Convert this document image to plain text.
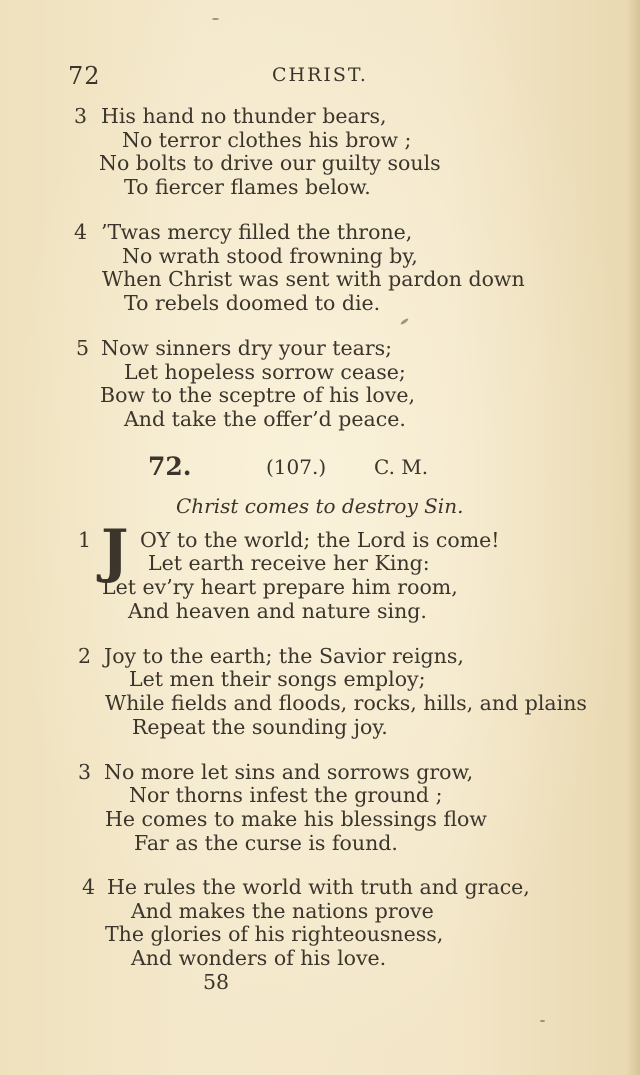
72	CHRIST.
3 His hand no thunder bears,
No terror clothes his brow ;
No bolts to drive our guilty souls
To fiercer flames below.
4 ’Twas mercy filled the throne,
No wrath stood frowning by,
When Christ was sent with pardon down
To rebels doomed to die.
5 Now sinners dry your tears;
Let hopeless sorrow cease;
Bow to the sceptre of his love,
And take the offer’d peace.
72.	(107.) C. M.
Christ comes to destroy Sin.
1 J OY to the world; the Lord is come!
Let earth receive her King:
Let ev’ry heart prepare him room,
And heaven and nature sing.
2 Joy to the earth; the Savior reigns,
Let men their songs employ;
While fields and floods, rocks, hills, and plains
Repeat the sounding joy.
3 No more let sins and sorrows grow,
Nor thorns infest the ground ;
He comes to make his blessings flow
Far as the curse is found.
4 He rules the world with truth and grace,
And makes the nations prove
The glories of his righteousness,
And wonders of his love.
58
